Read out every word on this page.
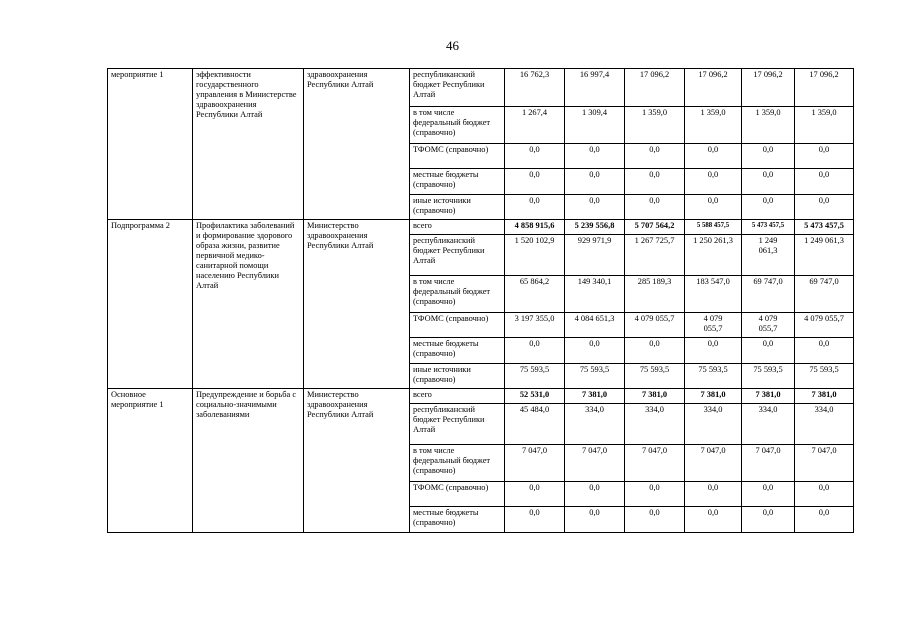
46
мероприятие 1	эффективности государственного управления в Министерстве здравоохранения Республики Алтай	здравоохранения Республики Алтай	республиканский бюджет Республики Алтай	16 762,3	16 997,4	17 096,2	17 096,2	17 096,2	17 096,2
			в том числе федеральный бюджет (справочно)	1 267,4	1 309,4	1 359,0	1 359,0	1 359,0	1 359,0
			ТФОМС (справочно)	0,0	0,0	0,0	0,0	0,0	0,0
			местные бюджеты (справочно)	0,0	0,0	0,0	0,0	0,0	0,0
			иные источники (справочно)	0,0	0,0	0,0	0,0	0,0	0,0
Подпрограмма 2	Профилактика заболеваний и формирование здорового образа жизни, развитие первичной медико-санитарной помощи населению Республики Алтай	Министерство здравоохранения Республики Алтай	всего	4 858 915,6	5 239 556,8	5 707 564,2	5 588 457,5	5 473 457,5	5 473 457,5
			республиканский бюджет Республики Алтай	1 520 102,9	929 971,9	1 267 725,7	1 250 261,3	1 249 061,3	1 249 061,3
			в том числе федеральный бюджет (справочно)	65 864,2	149 340,1	285 189,3	183 547,0	69 747,0	69 747,0
			ТФОМС (справочно)	3 197 355,0	4 084 651,3	4 079 055,7	4 079 055,7	4 079 055,7	4 079 055,7
			местные бюджеты (справочно)	0,0	0,0	0,0	0,0	0,0	0,0
			иные источники (справочно)	75 593,5	75 593,5	75 593,5	75 593,5	75 593,5	75 593,5
Основное мероприятие 1	Предупреждение и борьба с социально-значимыми заболеваниями	Министерство здравоохранения Республики Алтай	всего	52 531,0	7 381,0	7 381,0	7 381,0	7 381,0	7 381,0
			республиканский бюджет Республики Алтай	45 484,0	334,0	334,0	334,0	334,0	334,0
			в том числе федеральный бюджет (справочно)	7 047,0	7 047,0	7 047,0	7 047,0	7 047,0	7 047,0
			ТФОМС (справочно)	0,0	0,0	0,0	0,0	0,0	0,0
			местные бюджеты (справочно)	0,0	0,0	0,0	0,0	0,0	0,0
